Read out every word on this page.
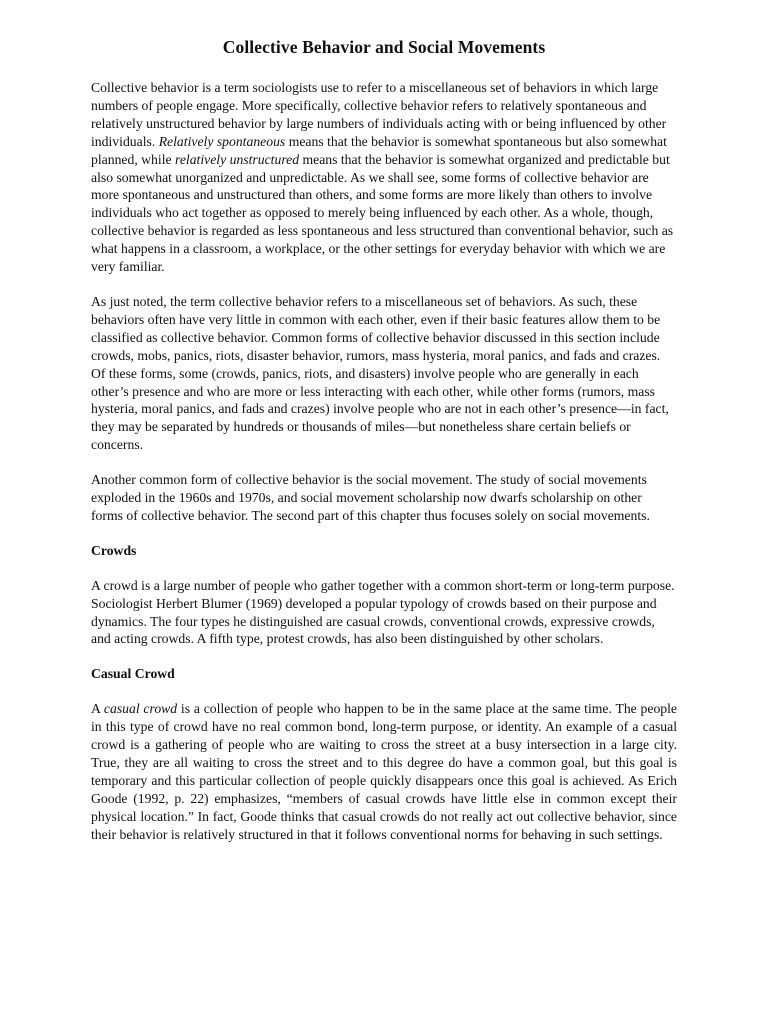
Collective Behavior and Social Movements

Collective behavior is a term sociologists use to refer to a miscellaneous set of behaviors in which large numbers of people engage. More specifically, collective behavior refers to relatively spontaneous and relatively unstructured behavior by large numbers of individuals acting with or being influenced by other individuals. Relatively spontaneous means that the behavior is somewhat spontaneous but also somewhat planned, while relatively unstructured means that the behavior is somewhat organized and predictable but also somewhat unorganized and unpredictable. As we shall see, some forms of collective behavior are more spontaneous and unstructured than others, and some forms are more likely than others to involve individuals who act together as opposed to merely being influenced by each other. As a whole, though, collective behavior is regarded as less spontaneous and less structured than conventional behavior, such as what happens in a classroom, a workplace, or the other settings for everyday behavior with which we are very familiar.

As just noted, the term collective behavior refers to a miscellaneous set of behaviors. As such, these behaviors often have very little in common with each other, even if their basic features allow them to be classified as collective behavior. Common forms of collective behavior discussed in this section include crowds, mobs, panics, riots, disaster behavior, rumors, mass hysteria, moral panics, and fads and crazes. Of these forms, some (crowds, panics, riots, and disasters) involve people who are generally in each other’s presence and who are more or less interacting with each other, while other forms (rumors, mass hysteria, moral panics, and fads and crazes) involve people who are not in each other’s presence—in fact, they may be separated by hundreds or thousands of miles—but nonetheless share certain beliefs or concerns.

Another common form of collective behavior is the social movement. The study of social movements exploded in the 1960s and 1970s, and social movement scholarship now dwarfs scholarship on other forms of collective behavior. The second part of this chapter thus focuses solely on social movements.

Crowds

A crowd is a large number of people who gather together with a common short-term or long-term purpose. Sociologist Herbert Blumer (1969) developed a popular typology of crowds based on their purpose and dynamics. The four types he distinguished are casual crowds, conventional crowds, expressive crowds, and acting crowds. A fifth type, protest crowds, has also been distinguished by other scholars.

Casual Crowd

A casual crowd is a collection of people who happen to be in the same place at the same time. The people in this type of crowd have no real common bond, long-term purpose, or identity. An example of a casual crowd is a gathering of people who are waiting to cross the street at a busy intersection in a large city. True, they are all waiting to cross the street and to this degree do have a common goal, but this goal is temporary and this particular collection of people quickly disappears once this goal is achieved. As Erich Goode (1992, p. 22) emphasizes, “members of casual crowds have little else in common except their physical location.” In fact, Goode thinks that casual crowds do not really act out collective behavior, since their behavior is relatively structured in that it follows conventional norms for behaving in such settings.
